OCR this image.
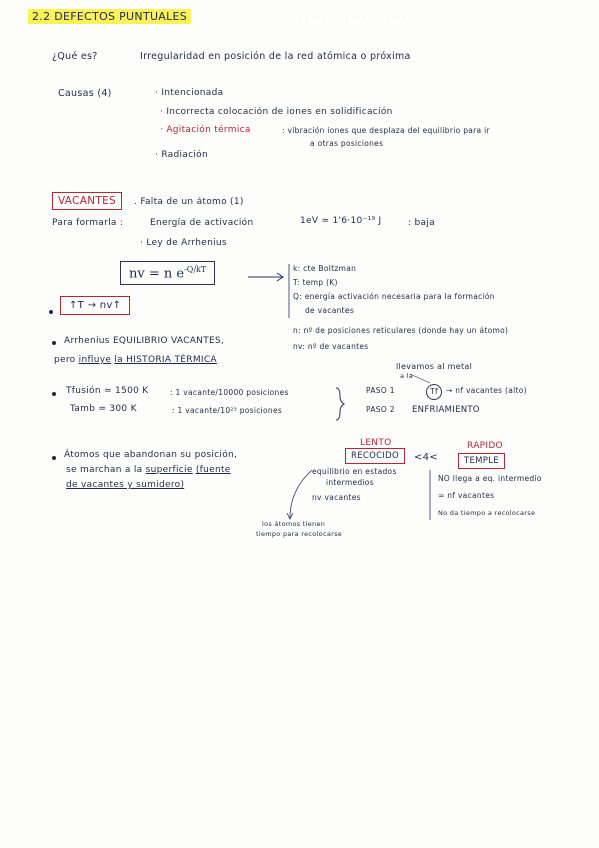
· · · · · · · · · · · · · · · · · · · ·
2.2 DEFECTOS PUNTUALES
¿Qué es?	Irregularidad en posición de la red atómica o próxima
Causas (4)	· Intencionada
· Incorrecta colocación de iones en solidificación
· Agitación térmica	: vibración iones que desplaza del equilibrio para ir
a otras posiciones
· Radiación
VACANTES	. Falta de un átomo (1)
Para formarla :	Energía de activación	1eV ≃ 1'6·10⁻¹⁹ J	: baja
· Ley de Arrhenius
nv = n $e^{-Q/kT}$	k: cte Boltzman
T: temp (K)
Q: energía activación necesaria para la formación
de vacantes
n: nº de posiciones reticulares (donde hay un átomo)
nv: nº de vacantes
↑T → nv↑
Arrhenius EQUILIBRIO VACANTES,
pero influye la HISTORIA TÉRMICA
Tfusión ≃ 1500 K	: 1 vacante/10000 posiciones
Tamb ≃ 300 K	: 1 vacante/10²³ posiciones
llevamos al metal
a la
PASO 1	Tf	→ nf vacantes (alto)
PASO 2 ENFRIAMIENTO
LENTO
RECOCIDO	<4<
RAPIDO
TEMPLE
equilibrio en estados
intermedios
nv vacantes
NO llega a eq. intermedio
≃ nf vacantes
No da tiempo a recolocarse
los átomos tienen
tiempo para recolocarse
Átomos que abandonan su posición,
se marchan a la superficie (fuente
de vacantes y sumidero)
